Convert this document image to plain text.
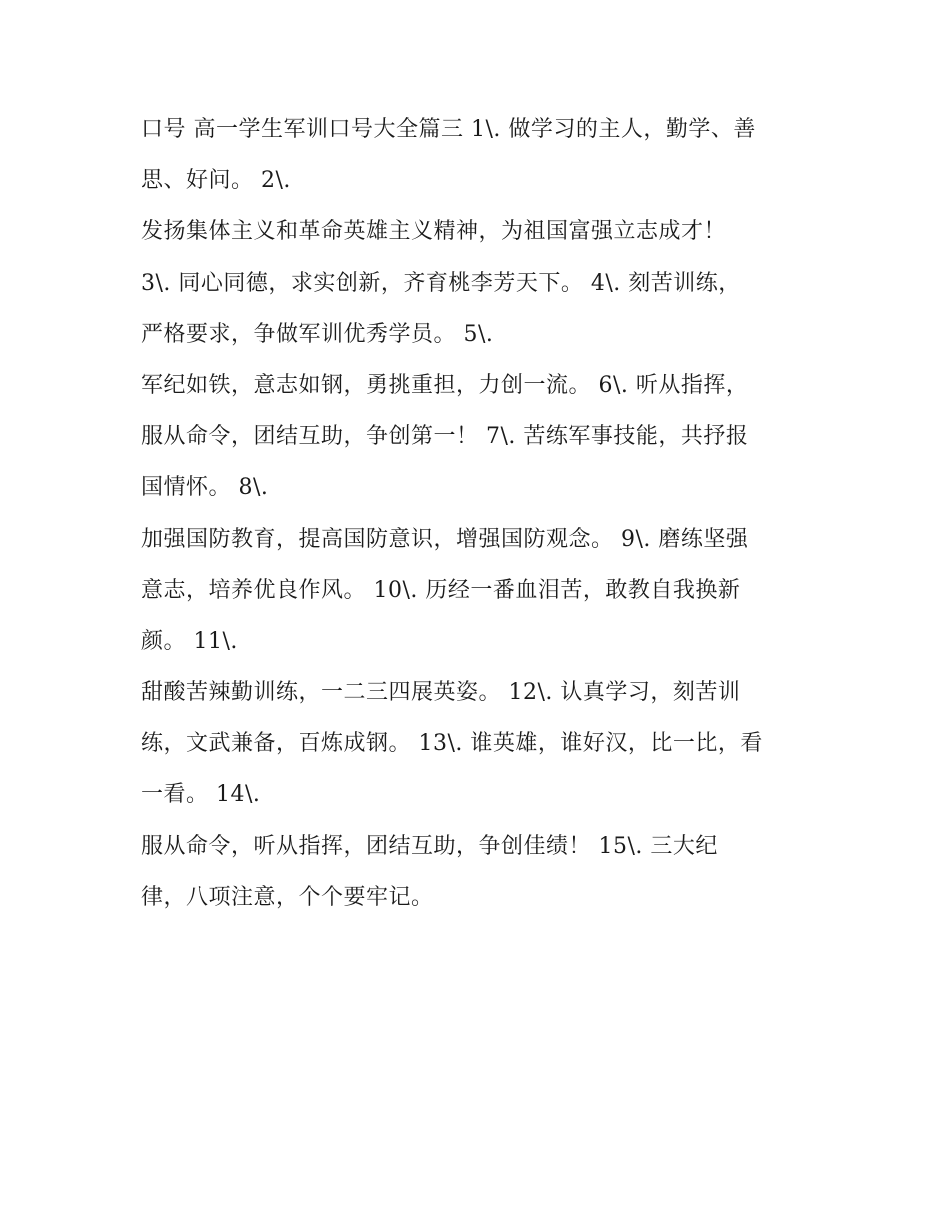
口号 高一学生军训口号大全篇三 1\. 做学习的主人，勤学、善
思、好问。 2\.
发扬集体主义和革命英雄主义精神，为祖国富强立志成才！
3\. 同心同德，求实创新，齐育桃李芳天下。 4\. 刻苦训练，
严格要求，争做军训优秀学员。 5\.
军纪如铁，意志如钢，勇挑重担，力创一流。 6\. 听从指挥，
服从命令，团结互助，争创第一！ 7\. 苦练军事技能，共抒报
国情怀。 8\.
加强国防教育，提高国防意识，增强国防观念。 9\. 磨练坚强
意志，培养优良作风。 10\. 历经一番血泪苦，敢教自我换新
颜。 11\.
甜酸苦辣勤训练，一二三四展英姿。 12\. 认真学习，刻苦训
练，文武兼备，百炼成钢。 13\. 谁英雄，谁好汉，比一比，看
一看。 14\.
服从命令，听从指挥，团结互助，争创佳绩！ 15\. 三大纪
律，八项注意，个个要牢记。
